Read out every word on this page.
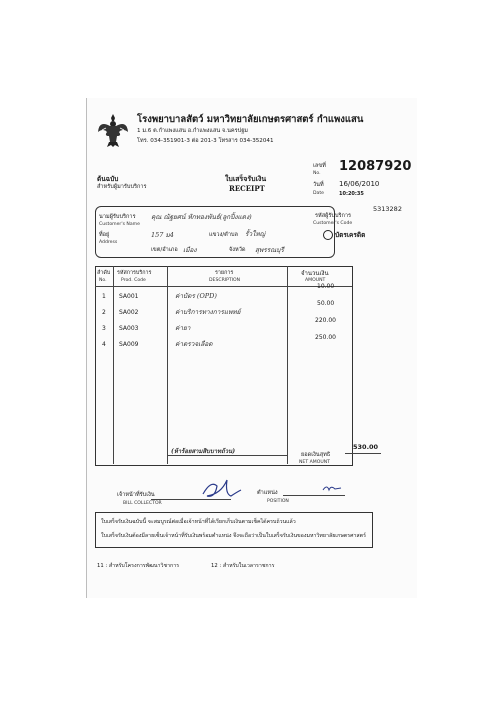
โรงพยาบาลสัตว์ มหาวิทยาลัยเกษตรศาสตร์ กำแพงแสน
1 ม.6 ต.กำแพงแสน อ.กำแพงแสน จ.นครปฐม
โทร. 034-351901-3 ต่อ 201-3 โทรสาร 034-352041
ต้นฉบับ
สำหรับผู้มารับบริการ
ใบเสร็จรับเงิน
RECEIPT
เลขที่
No. 12087920
วันที่
Date
16/06/2010
10:20:35
นามผู้รับบริการ
Customer's Name
คุณ ณัฐยศน์ หักทองพันธ์(ลูกปิ้งแดง)
ที่อยู่
Address
157 ม4	แขวง/ตำบล รั้วใหญ่
เขต/อำเภอ เมือง	จังหวัด สุพรรณบุรี
รหัสผู้รับบริการ
Customer's Code
5313282
บัตรเครดิต
ลำดับ
No.
รหัสการบริการ
Prod. Code
รายการ
DESCRIPTION
จำนวนเงิน
AMOUNT
1 SA001	ค่าบัตร (OPD)
10.00
2 SA002	ค่าบริการทางการแพทย์
50.00
3 SA003	ค่ายา
220.00
4 SA009	ค่าตรวจเลือด
250.00
(ห้าร้อยสามสิบบาทถ้วน)	ยอดเงินสุทธิ
NET AMOUNT
530.00
เจ้าหน้าที่รับเงิน
BILL COLLECTOR
ตำแหน่ง
POSITION
ใบเสร็จรับเงินฉบับนี้ จะสมบูรณ์ต่อเมื่อเจ้าหน้าที่ได้เรียกเก็บเงินตามเช็คได้ครบถ้วนแล้ว
ใบเสร็จรับเงินต้องมีลายเซ็นเจ้าหน้าที่รับเงินพร้อมตำแหน่ง จึงจะถือว่าเป็นใบเสร็จรับเงินของมหาวิทยาลัยเกษตรศาสตร์
11 : สำหรับโครงการพัฒนาวิชาการ	12 : สำหรับในเวลาราชการ
